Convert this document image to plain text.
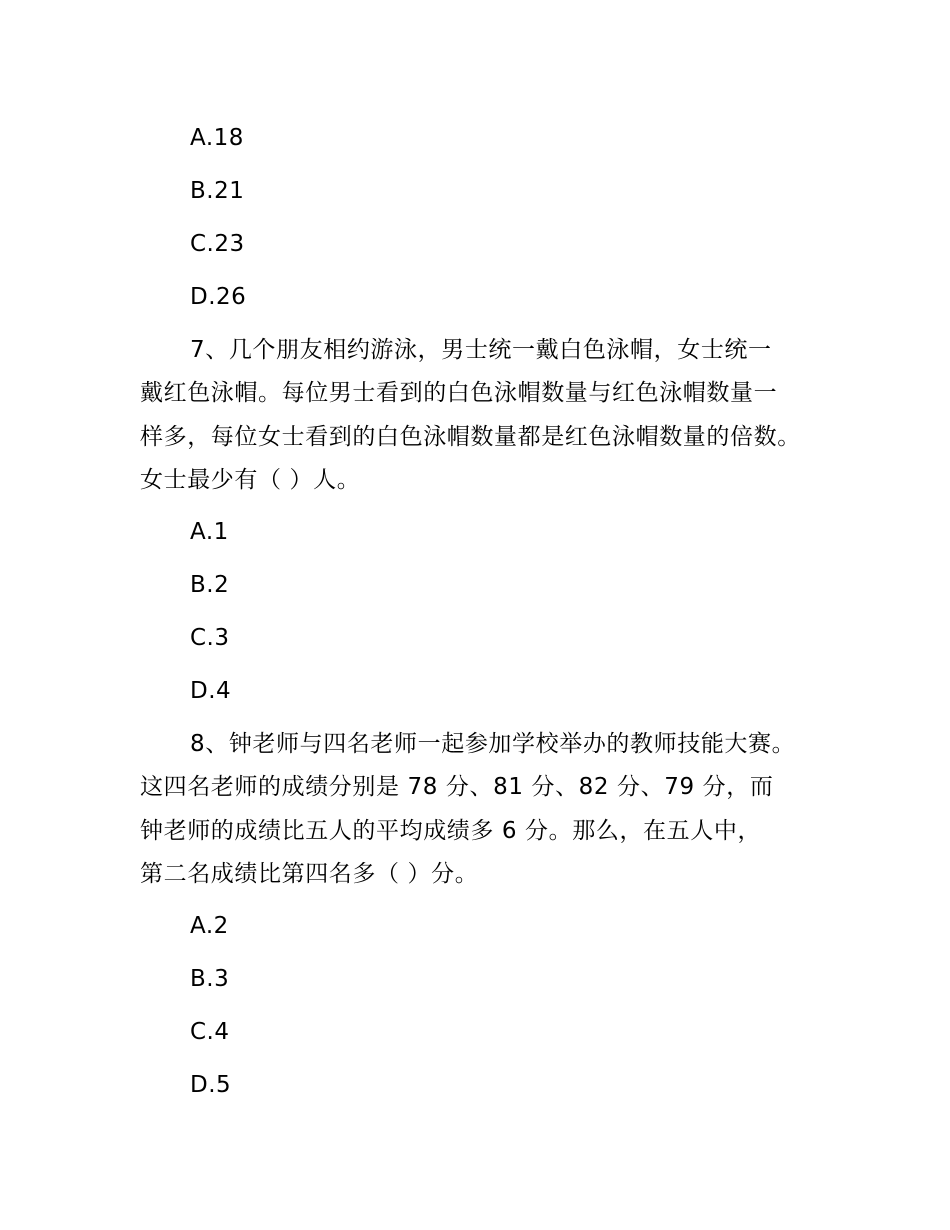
A.18
B.21
C.23
D.26
7、几个朋友相约游泳，男士统一戴白色泳帽，女士统一
戴红色泳帽。每位男士看到的白色泳帽数量与红色泳帽数量一
样多，每位女士看到的白色泳帽数量都是红色泳帽数量的倍数。
女士最少有（ ）人。
A.1
B.2
C.3
D.4
8、钟老师与四名老师一起参加学校举办的教师技能大赛。
这四名老师的成绩分别是 78 分、81 分、82 分、79 分，而
钟老师的成绩比五人的平均成绩多 6 分。那么，在五人中，
第二名成绩比第四名多（ ）分。
A.2
B.3
C.4
D.5
